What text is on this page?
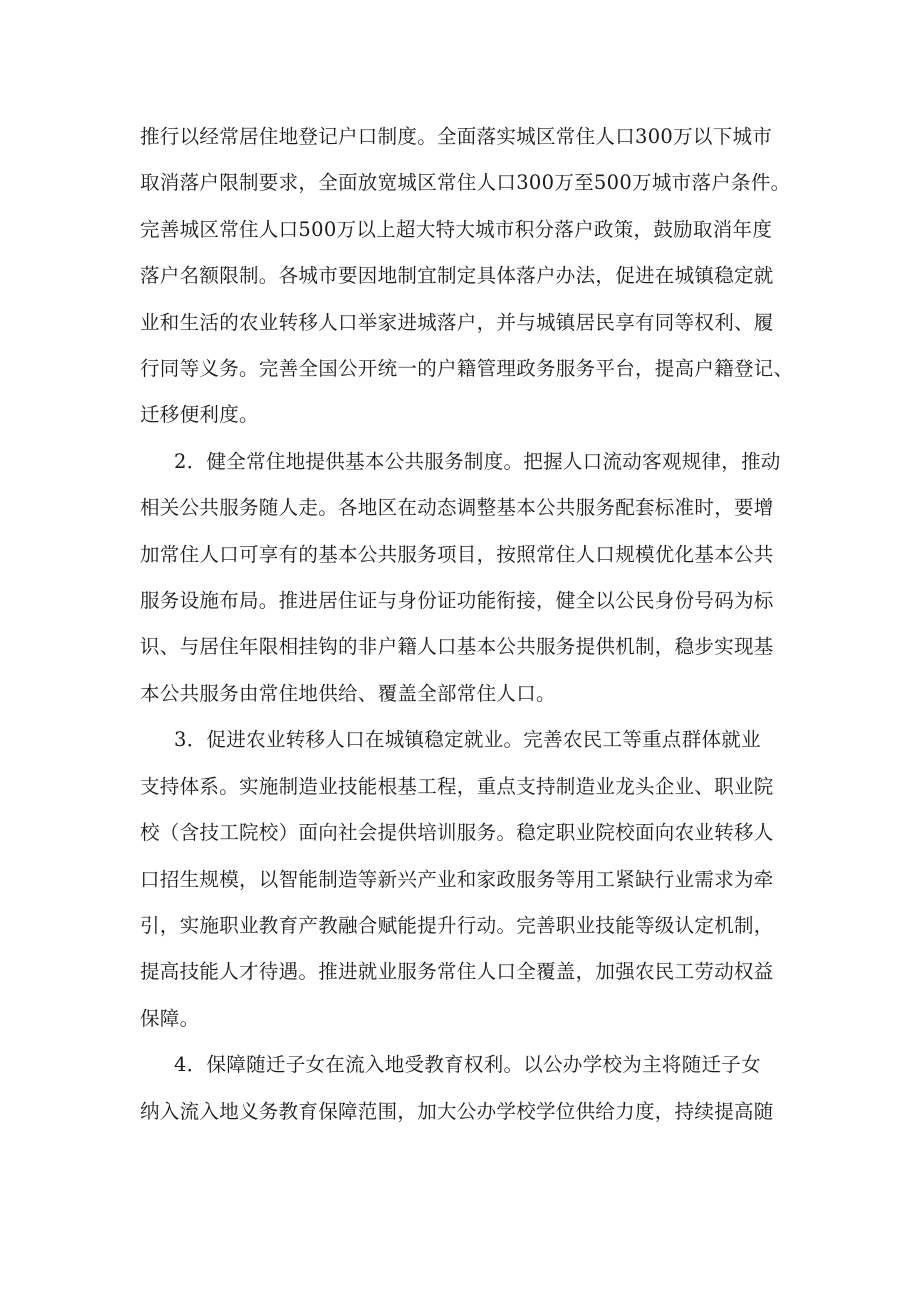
推行以经常居住地登记户口制度。全面落实城区常住人口300万以下城市
取消落户限制要求，全面放宽城区常住人口300万至500万城市落户条件。
完善城区常住人口500万以上超大特大城市积分落户政策，鼓励取消年度
落户名额限制。各城市要因地制宜制定具体落户办法，促进在城镇稳定就
业和生活的农业转移人口举家进城落户，并与城镇居民享有同等权利、履
行同等义务。完善全国公开统一的户籍管理政务服务平台，提高户籍登记、
迁移便利度。

2．健全常住地提供基本公共服务制度。把握人口流动客观规律，推动
相关公共服务随人走。各地区在动态调整基本公共服务配套标准时，要增
加常住人口可享有的基本公共服务项目，按照常住人口规模优化基本公共
服务设施布局。推进居住证与身份证功能衔接，健全以公民身份号码为标
识、与居住年限相挂钩的非户籍人口基本公共服务提供机制，稳步实现基
本公共服务由常住地供给、覆盖全部常住人口。

3．促进农业转移人口在城镇稳定就业。完善农民工等重点群体就业
支持体系。实施制造业技能根基工程，重点支持制造业龙头企业、职业院
校（含技工院校）面向社会提供培训服务。稳定职业院校面向农业转移人
口招生规模，以智能制造等新兴产业和家政服务等用工紧缺行业需求为牵
引，实施职业教育产教融合赋能提升行动。完善职业技能等级认定机制，
提高技能人才待遇。推进就业服务常住人口全覆盖，加强农民工劳动权益
保障。

4．保障随迁子女在流入地受教育权利。以公办学校为主将随迁子女
纳入流入地义务教育保障范围，加大公办学校学位供给力度，持续提高随
